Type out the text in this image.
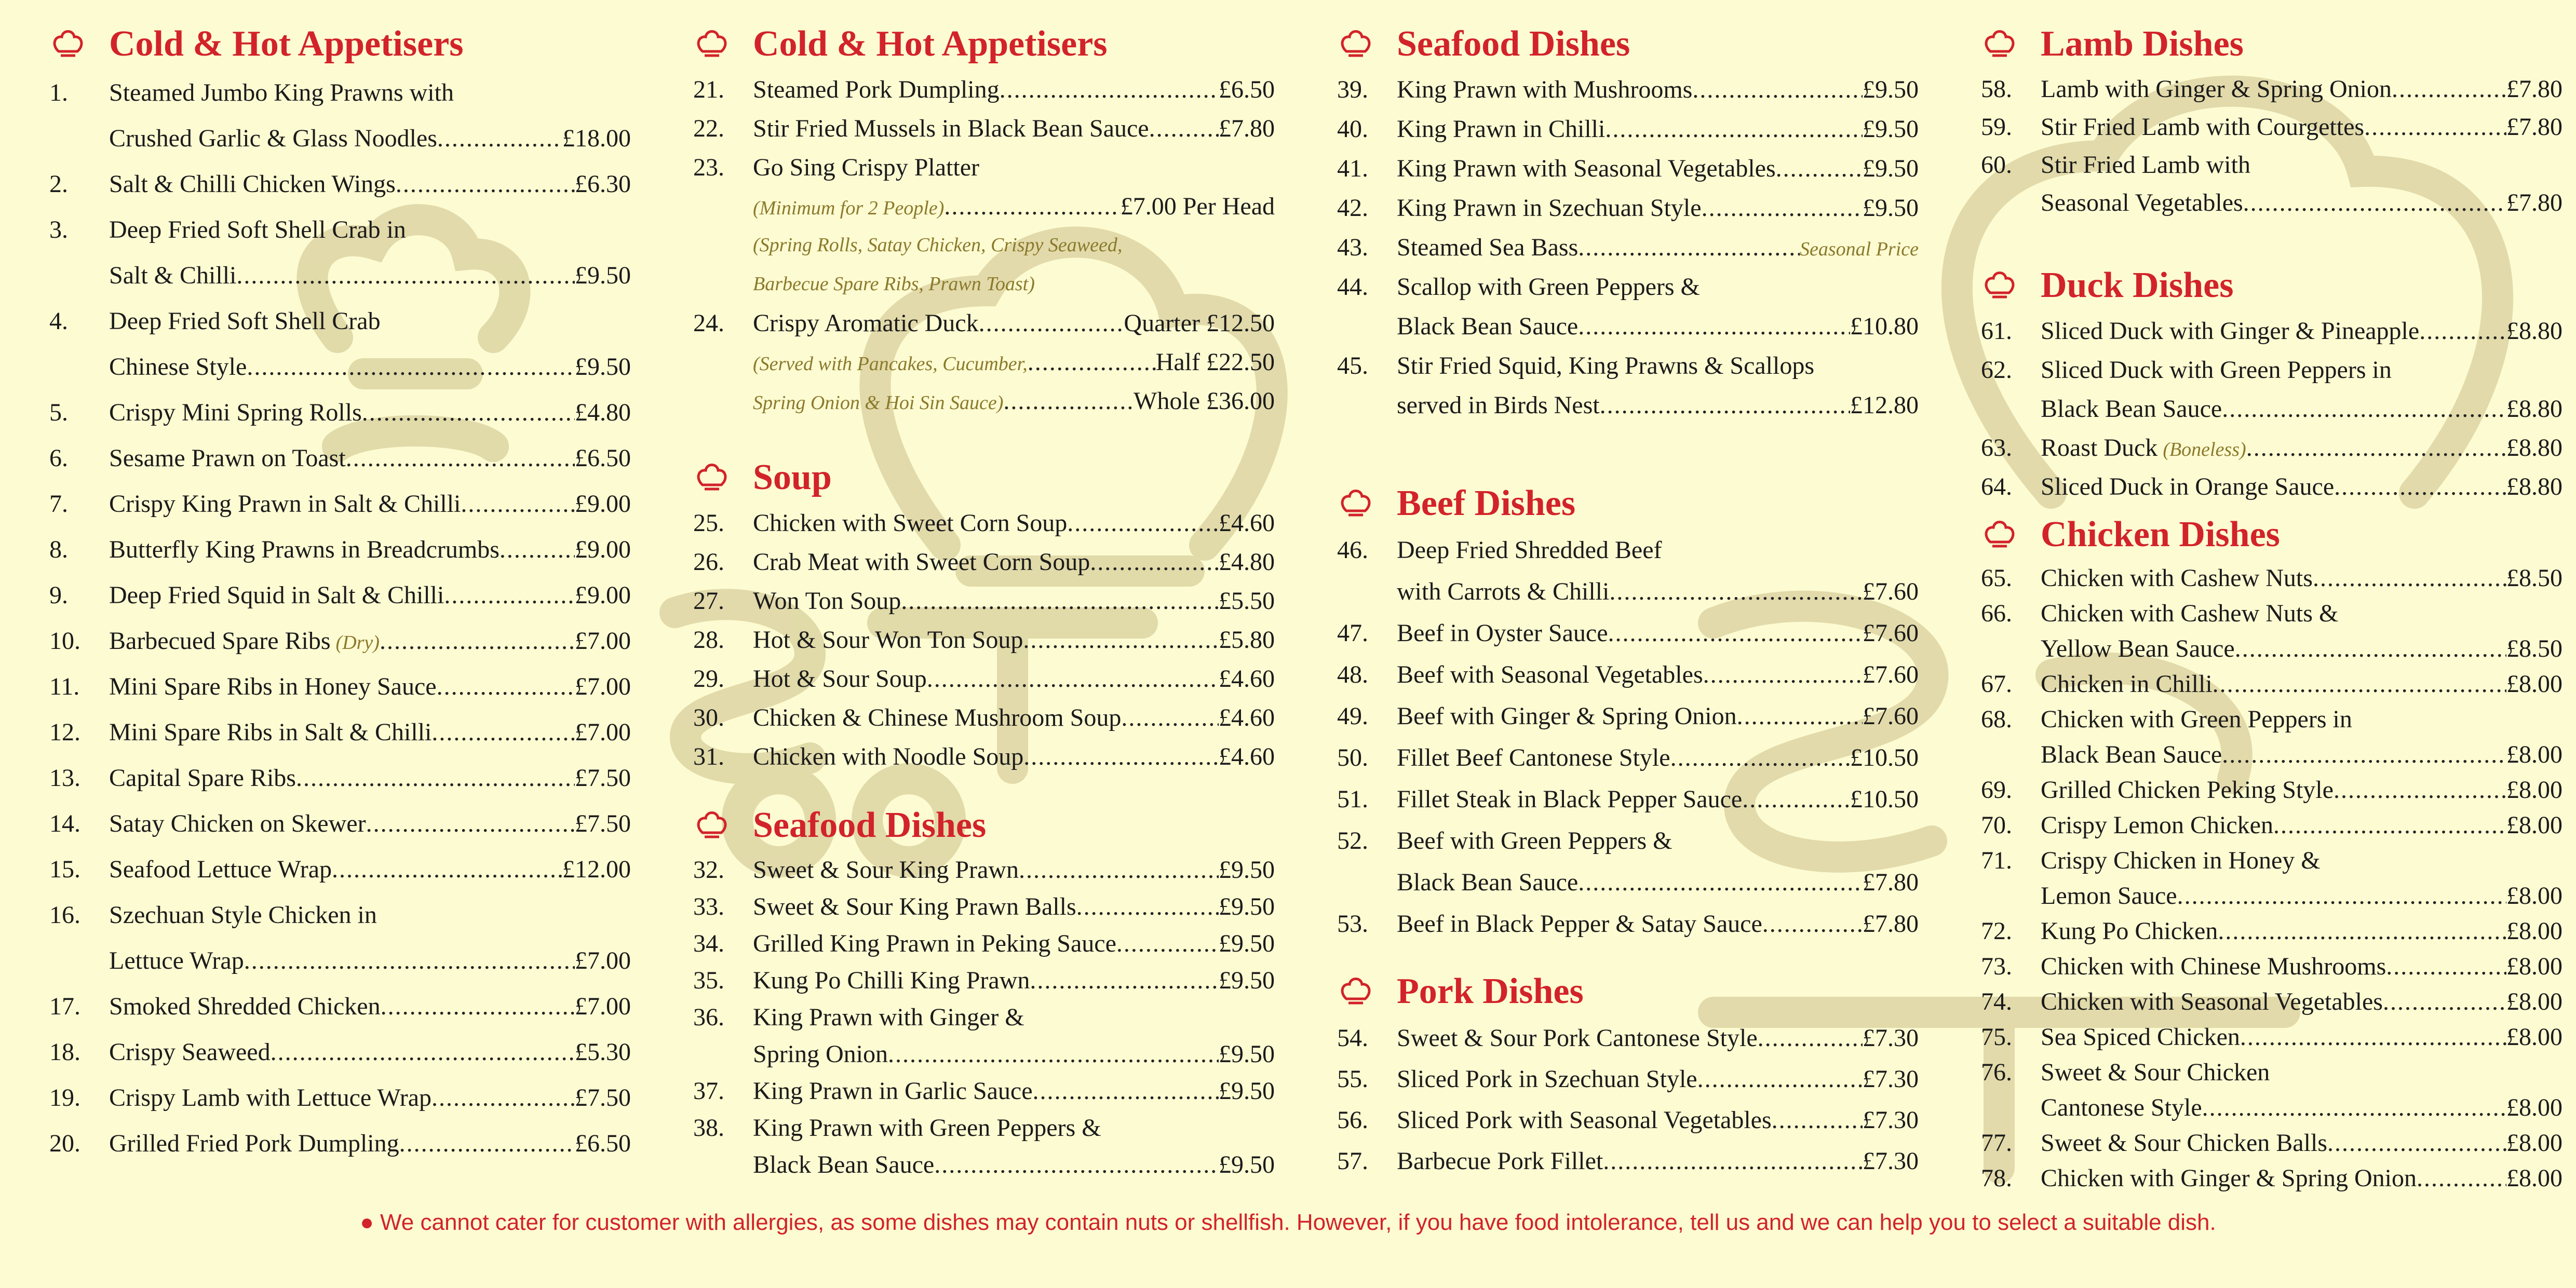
Cold & Hot Appetisers
1. Steamed Jumbo King Prawns with
Crushed Garlic & Glass Noodles .....	£18.00
2. Salt & Chilli Chicken Wings .....	£6.30
3. Deep Fried Soft Shell Crab in
Salt & Chilli .....	£9.50
4. Deep Fried Soft Shell Crab
Chinese Style .....	£9.50
5. Crispy Mini Spring Rolls .....	£4.80
6. Sesame Prawn on Toast .....	£6.50
7. Crispy King Prawn in Salt & Chilli .....	£9.00
8. Butterfly King Prawns in Breadcrumbs .....	£9.00
9. Deep Fried Squid in Salt & Chilli .....	£9.00
10. Barbecued Spare Ribs (Dry) .....	£7.00
11. Mini Spare Ribs in Honey Sauce .....	£7.00
12. Mini Spare Ribs in Salt & Chilli .....	£7.00
13. Capital Spare Ribs .....	£7.50
14. Satay Chicken on Skewer .....	£7.50
15. Seafood Lettuce Wrap .....	£12.00
16. Szechuan Style Chicken in
Lettuce Wrap .....	£7.00
17. Smoked Shredded Chicken .....	£7.00
18. Crispy Seaweed .....	£5.30
19. Crispy Lamb with Lettuce Wrap .....	£7.50
20. Grilled Fried Pork Dumpling .....	£6.50
Cold & Hot Appetisers
21. Steamed Pork Dumpling .....	£6.50
22. Stir Fried Mussels in Black Bean Sauce .....	£7.80
23. Go Sing Crispy Platter
(Minimum for 2 People) .....	£7.00 Per Head
(Spring Rolls, Satay Chicken, Crispy Seaweed,
Barbecue Spare Ribs, Prawn Toast)
24. Crispy Aromatic Duck .....	Quarter £12.50
(Served with Pancakes, Cucumber, .....	Half £22.50
Spring Onion & Hoi Sin Sauce) .....	Whole £36.00
Soup
25. Chicken with Sweet Corn Soup .....	£4.60
26. Crab Meat with Sweet Corn Soup .....	£4.80
27. Won Ton Soup .....	£5.50
28. Hot & Sour Won Ton Soup .....	£5.80
29. Hot & Sour Soup .....	£4.60
30. Chicken & Chinese Mushroom Soup .....	£4.60
31. Chicken with Noodle Soup .....	£4.60
Seafood Dishes
32. Sweet & Sour King Prawn .....	£9.50
33. Sweet & Sour King Prawn Balls .....	£9.50
34. Grilled King Prawn in Peking Sauce .....	£9.50
35. Kung Po Chilli King Prawn .....	£9.50
36. King Prawn with Ginger &
Spring Onion .....	£9.50
37. King Prawn in Garlic Sauce .....	£9.50
38. King Prawn with Green Peppers &
Black Bean Sauce .....	£9.50
Seafood Dishes
39. King Prawn with Mushrooms .....	£9.50
40. King Prawn in Chilli .....	£9.50
41. King Prawn with Seasonal Vegetables .....	£9.50
42. King Prawn in Szechuan Style .....	£9.50
43. Steamed Sea Bass .....	Seasonal Price
44. Scallop with Green Peppers &
Black Bean Sauce .....	£10.80
45. Stir Fried Squid, King Prawns & Scallops
served in Birds Nest .....	£12.80
Beef Dishes
46. Deep Fried Shredded Beef
with Carrots & Chilli .....	£7.60
47. Beef in Oyster Sauce .....	£7.60
48. Beef with Seasonal Vegetables .....	£7.60
49. Beef with Ginger & Spring Onion .....	£7.60
50. Fillet Beef Cantonese Style .....	£10.50
51. Fillet Steak in Black Pepper Sauce .....	£10.50
52. Beef with Green Peppers &
Black Bean Sauce .....	£7.80
53. Beef in Black Pepper & Satay Sauce .....	£7.80
Pork Dishes
54. Sweet & Sour Pork Cantonese Style .....	£7.30
55. Sliced Pork in Szechuan Style .....	£7.30
56. Sliced Pork with Seasonal Vegetables .....	£7.30
57. Barbecue Pork Fillet .....	£7.30
Lamb Dishes
58. Lamb with Ginger & Spring Onion .....	£7.80
59. Stir Fried Lamb with Courgettes .....	£7.80
60. Stir Fried Lamb with
Seasonal Vegetables .....	£7.80
Duck Dishes
61. Sliced Duck with Ginger & Pineapple .....	£8.80
62. Sliced Duck with Green Peppers in
Black Bean Sauce .....	£8.80
63. Roast Duck (Boneless) .....	£8.80
64. Sliced Duck in Orange Sauce .....	£8.80
Chicken Dishes
65. Chicken with Cashew Nuts .....	£8.50
66. Chicken with Cashew Nuts &
Yellow Bean Sauce .....	£8.50
67. Chicken in Chilli .....	£8.00
68. Chicken with Green Peppers in
Black Bean Sauce .....	£8.00
69. Grilled Chicken Peking Style .....	£8.00
70. Crispy Lemon Chicken .....	£8.00
71. Crispy Chicken in Honey &
Lemon Sauce .....	£8.00
72. Kung Po Chicken .....	£8.00
73. Chicken with Chinese Mushrooms .....	£8.00
74. Chicken with Seasonal Vegetables .....	£8.00
75. Sea Spiced Chicken .....	£8.00
76. Sweet & Sour Chicken
Cantonese Style .....	£8.00
77. Sweet & Sour Chicken Balls .....	£8.00
78. Chicken with Ginger & Spring Onion .....	£8.00
● We cannot cater for customer with allergies, as some dishes may contain nuts or shellfish. However, if you have food intolerance, tell us and we can help you to select a suitable dish.
